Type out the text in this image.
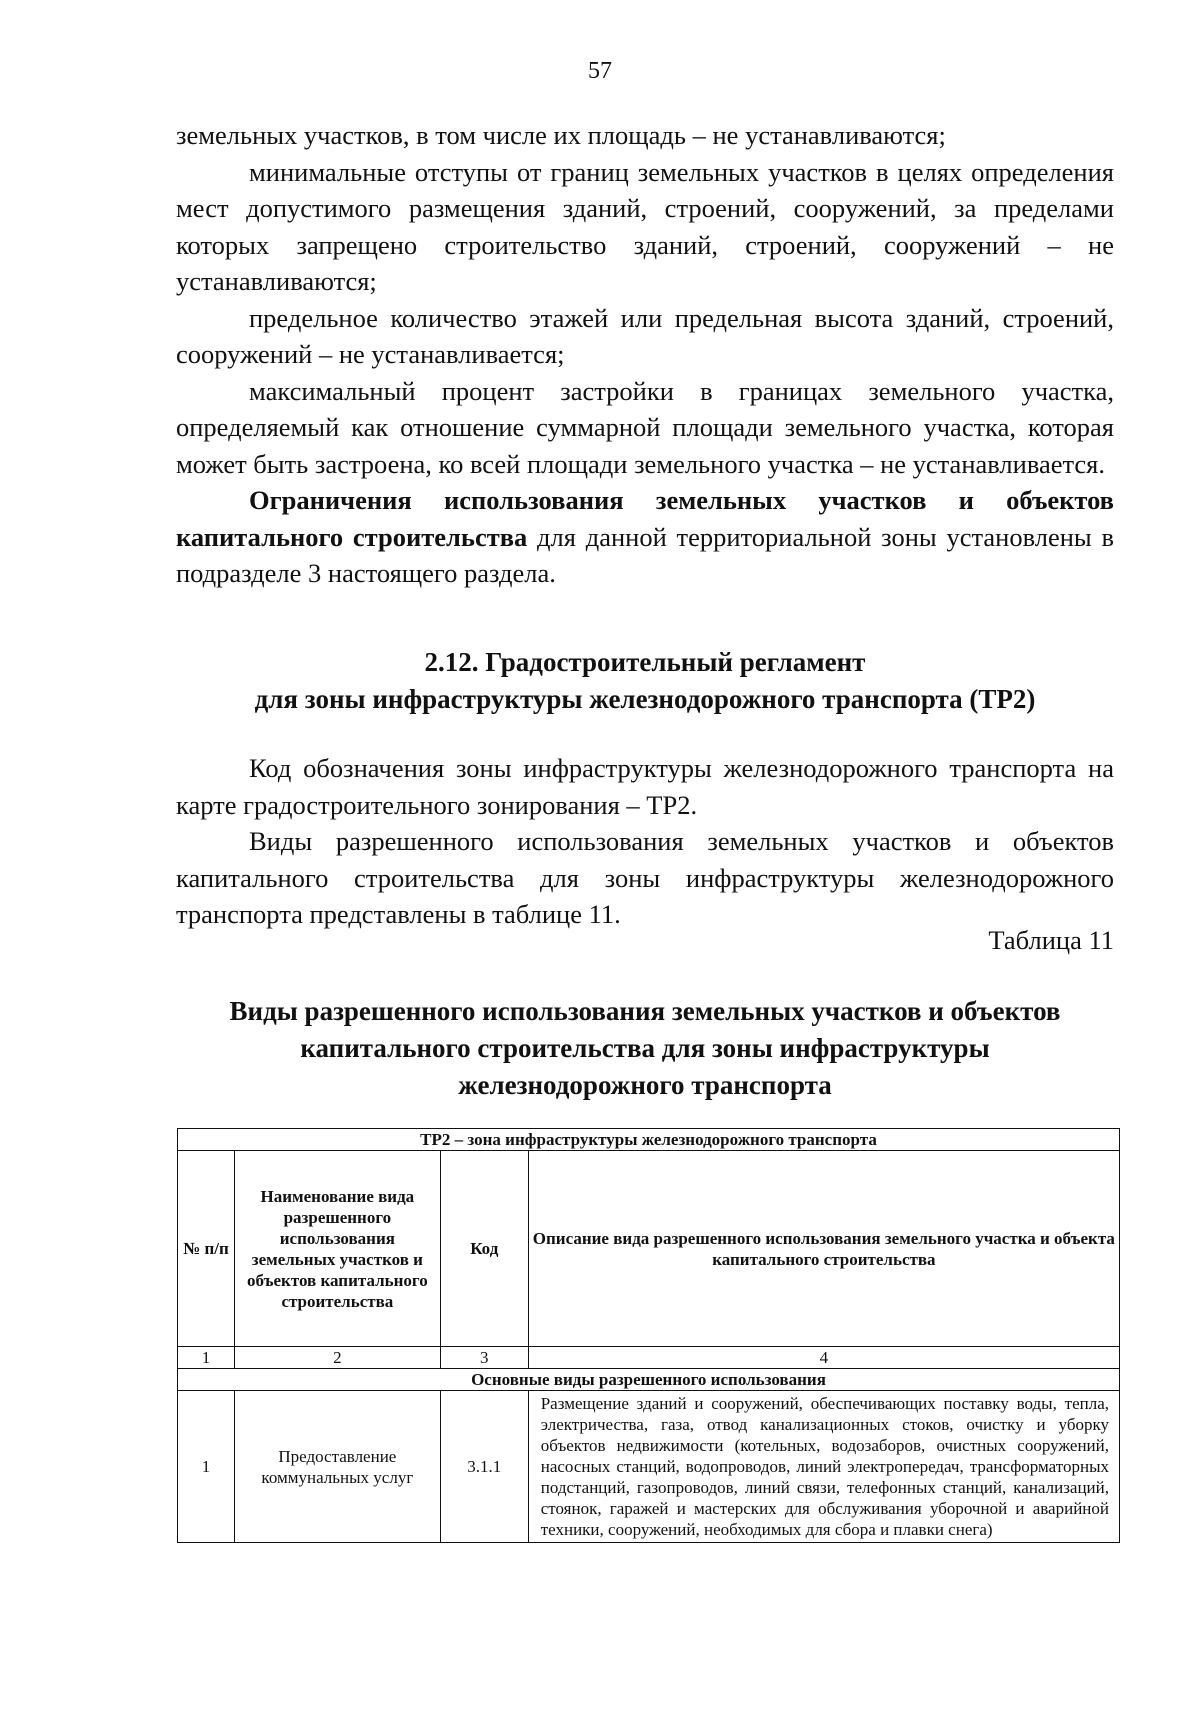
57

земельных участков, в том числе их площадь – не устанавливаются;

минимальные отступы от границ земельных участков в целях определения мест допустимого размещения зданий, строений, сооружений, за пределами которых запрещено строительство зданий, строений, сооружений – не устанавливаются;

предельное количество этажей или предельная высота зданий, строений, сооружений – не устанавливается;

максимальный процент застройки в границах земельного участка, определяемый как отношение суммарной площади земельного участка, которая может быть застроена, ко всей площади земельного участка – не устанавливается.

Ограничения использования земельных участков и объектов капитального строительства для данной территориальной зоны установлены в подразделе 3 настоящего раздела.

2.12. Градостроительный регламент
для зоны инфраструктуры железнодорожного транспорта (ТР2)

Код обозначения зоны инфраструктуры железнодорожного транспорта на карте градостроительного зонирования – ТР2.

Виды разрешенного использования земельных участков и объектов капитального строительства для зоны инфраструктуры железнодорожного транспорта представлены в таблице 11.

Таблица 11
Виды разрешенного использования земельных участков и объектов
капитального строительства для зоны инфраструктуры
железнодорожного транспорта
ТР2 – зона инфраструктуры железнодорожного транспорта			
№ п/п	Наименование вида разрешенного использования земельных участков и объектов капитального строительства	Код	Описание вида разрешенного использования земельного участка и объекта капитального строительства
1	2	3	4
Основные виды разрешенного использования			
1	Предоставление коммунальных услуг	3.1.1	Размещение зданий и сооружений, обеспечивающих поставку воды, тепла, электричества, газа, отвод канализационных стоков, очистку и уборку объектов недвижимости (котельных, водозаборов, очистных сооружений, насосных станций, водопроводов, линий электропередач, трансформаторных подстанций, газопроводов, линий связи, телефонных станций, канализаций, стоянок, гаражей и мастерских для обслуживания уборочной и аварийной техники, сооружений, необходимых для сбора и плавки снега)
